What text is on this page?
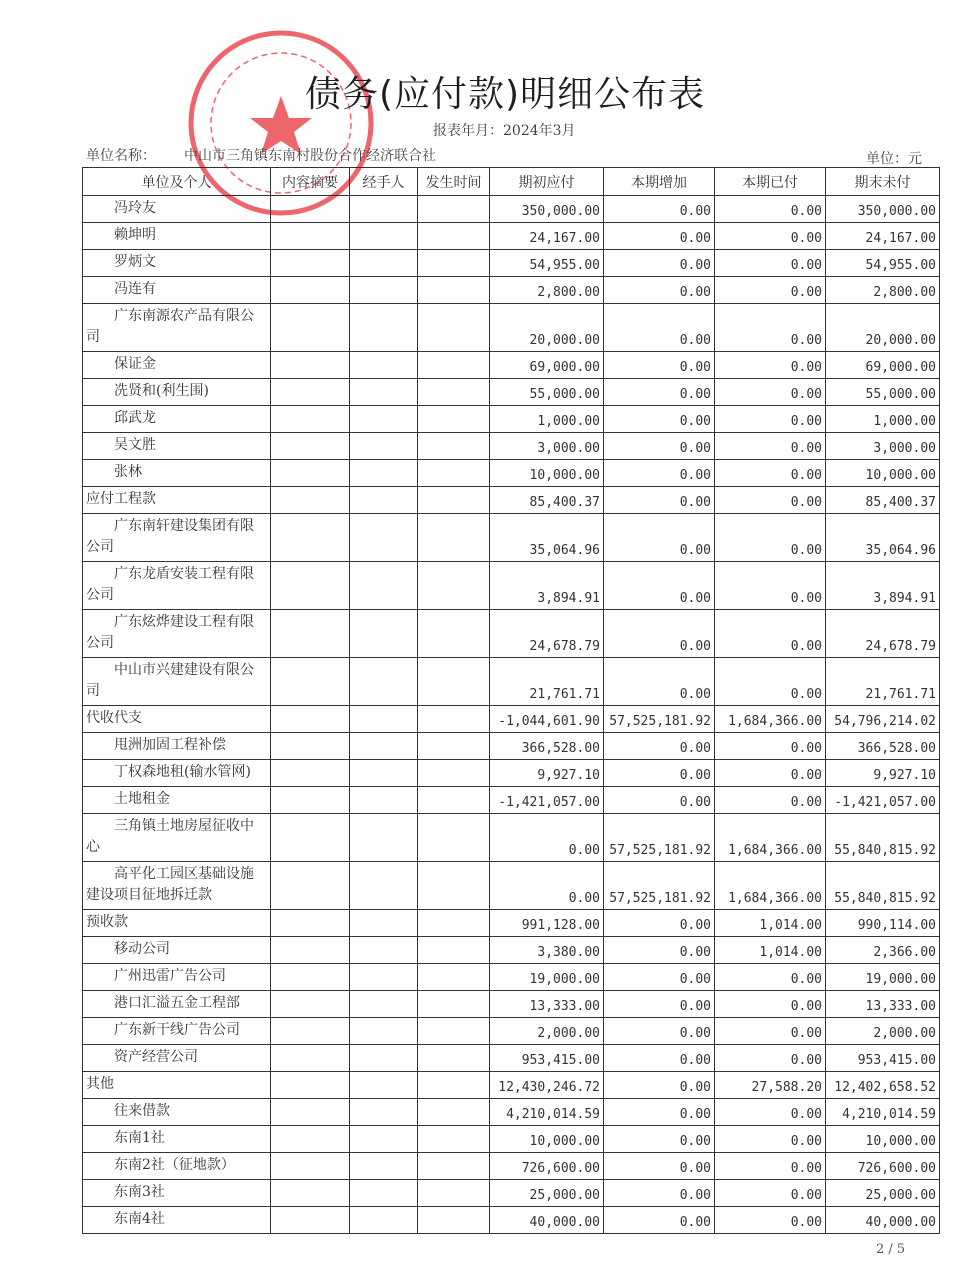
债务(应付款)明细公布表
报表年月：2024年3月
单位名称： 中山市三角镇东南村股份合作经济联合社	单位：元
单位及个人	内容摘要	经手人	发生时间	期初应付	本期增加	本期已付	期末未付
冯玲友				350,000.00	0.00	0.00	350,000.00
赖坤明				24,167.00	0.00	0.00	24,167.00
罗炳文				54,955.00	0.00	0.00	54,955.00
冯连有				2,800.00	0.00	0.00	2,800.00
广东南源农产品有限公司				20,000.00	0.00	0.00	20,000.00
保证金				69,000.00	0.00	0.00	69,000.00
冼贤和(利生围)				55,000.00	0.00	0.00	55,000.00
邱武龙				1,000.00	0.00	0.00	1,000.00
吴文胜				3,000.00	0.00	0.00	3,000.00
张林				10,000.00	0.00	0.00	10,000.00
应付工程款				85,400.37	0.00	0.00	85,400.37
广东南轩建设集团有限公司				35,064.96	0.00	0.00	35,064.96
广东龙盾安装工程有限公司				3,894.91	0.00	0.00	3,894.91
广东炫烨建设工程有限公司				24,678.79	0.00	0.00	24,678.79
中山市兴建建设有限公司				21,761.71	0.00	0.00	21,761.71
代收代支				-1,044,601.90	57,525,181.92	1,684,366.00	54,796,214.02
甩洲加固工程补偿				366,528.00	0.00	0.00	366,528.00
丁权森地租(输水管网)				9,927.10	0.00	0.00	9,927.10
土地租金				-1,421,057.00	0.00	0.00	-1,421,057.00
三角镇土地房屋征收中心				0.00	57,525,181.92	1,684,366.00	55,840,815.92
高平化工园区基础设施建设项目征地拆迁款				0.00	57,525,181.92	1,684,366.00	55,840,815.92
预收款				991,128.00	0.00	1,014.00	990,114.00
移动公司				3,380.00	0.00	1,014.00	2,366.00
广州迅雷广告公司				19,000.00	0.00	0.00	19,000.00
港口汇溢五金工程部				13,333.00	0.00	0.00	13,333.00
广东新干线广告公司				2,000.00	0.00	0.00	2,000.00
资产经营公司				953,415.00	0.00	0.00	953,415.00
其他				12,430,246.72	0.00	27,588.20	12,402,658.52
往来借款				4,210,014.59	0.00	0.00	4,210,014.59
东南1社				10,000.00	0.00	0.00	10,000.00
东南2社（征地款）				726,600.00	0.00	0.00	726,600.00
东南3社				25,000.00	0.00	0.00	25,000.00
东南4社				40,000.00	0.00	0.00	40,000.00
2 / 5
